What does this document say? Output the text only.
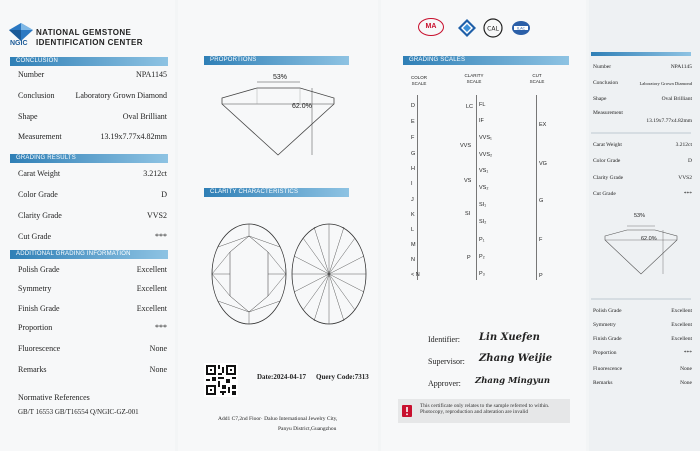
NGIC
NATIONAL GEMSTONE
IDENTIFICATION CENTER
CONCLUSION
Number	NPA1145
Conclusion	Laboratory Grown Diamond
Shape	Oval Brilliant
Measurement	13.19x7.77x4.82mm
GRADING RESULTS
Carat Weight	3.212ct
Color Grade	D
Clarity Grade	VVS2
Cut Grade	***
ADDITIONAL GRADING INFORMATION
Polish Grade	Excellent
Symmetry	Excellent
Finish Grade	Excellent
Proportion	***
Fluorescence	None
Remarks	None
Normative References
GB/T 16553 GB/T16554 Q/NGIC-GZ-001
PROPORTIONS
53%
62.0%
CLARITY CHARACTERISTICS
Date:2024-04-17 Query Code:7313
Add1 C7,2nd Floor· Daluo International Jewelry City,
Panyu District,Guangzhou
MA	CAL	ILAC
GRADING SCALES
COLOR SCALE
CLARITY SCALE
CUT SCALE
D
E
F
G
H
I
J
K
L
M
N
< N
LC
VVS
VS
SI
P
FL
IF
VVS₁
VVS₂
VS₁
VS₂
SI₁
SI₂
P₁
P₂
P₃
EX
VG
G
F
P
Identifier: Lin Xuefen
Supervisor: Zhang Weijie
Approver: Zhang Mingyun
This certificate only relates to the sample referred to within. Photocopy, reproduction and alteration are invalid
Number	NPA1145
Conclusion	Laboratory Grown Diamond
Shape	Oval Brilliant
Measurement
13.19x7.77x4.82mm
Carat Weight	3.212ct
Color Grade	D
Clarity Grade	VVS2
Cut Grade	***
53%
62.0%
Polish Grade	Excellent
Symmetry	Excellent
Finish Grade	Excellent
Proportion	***
Fluorescence	None
Remarks	None
